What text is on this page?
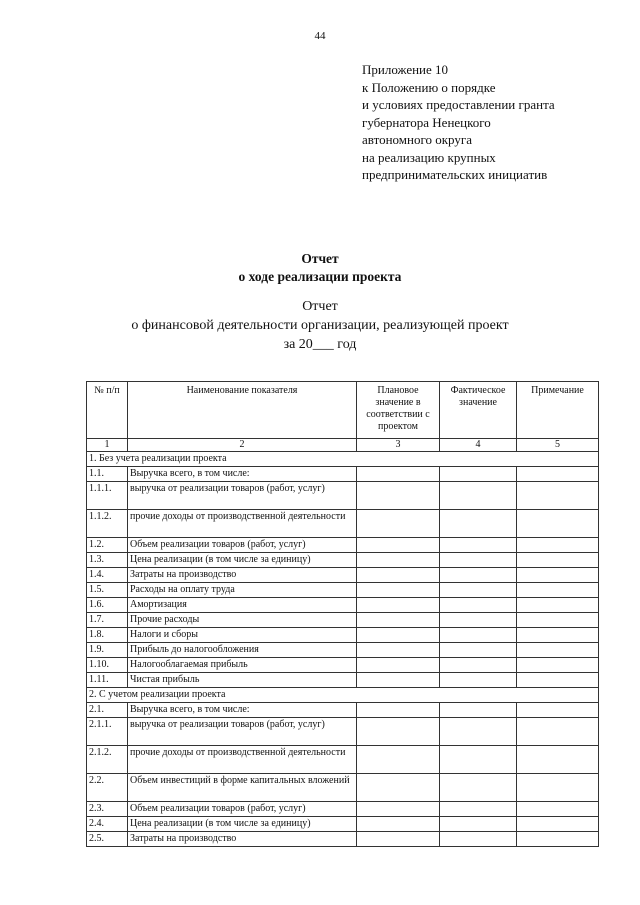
44
Приложение 10
к Положению о порядке
и условиях предоставлении гранта
губернатора Ненецкого
автономного округа
на реализацию крупных
предпринимательских инициатив
Отчет
о ходе реализации проекта
Отчет
о финансовой деятельности организации, реализующей проект
за 20___ год
№ п/п	Наименование показателя	Плановое значение в соответствии с проектом	Фактическое значение	Примечание
1	2	3	4	5
1. Без учета реализации проекта				
1.1.	Выручка всего, в том числе:			
1.1.1.	выручка от реализации товаров (работ, услуг)			
1.1.2.	прочие доходы от производственной деятельности			
1.2.	Объем реализации товаров (работ, услуг)			
1.3.	Цена реализации (в том числе за единицу)			
1.4.	Затраты на производство			
1.5.	Расходы на оплату труда			
1.6.	Амортизация			
1.7.	Прочие расходы			
1.8.	Налоги и сборы			
1.9.	Прибыль до налогообложения			
1.10.	Налогооблагаемая прибыль			
1.11.	Чистая прибыль			
2. С учетом реализации проекта				
2.1.	Выручка всего, в том числе:			
2.1.1.	выручка от реализации товаров (работ, услуг)			
2.1.2.	прочие доходы от производственной деятельности			
2.2.	Объем инвестиций в форме капитальных вложений			
2.3.	Объем реализации товаров (работ, услуг)			
2.4.	Цена реализации (в том числе за единицу)			
2.5.	Затраты на производство			
